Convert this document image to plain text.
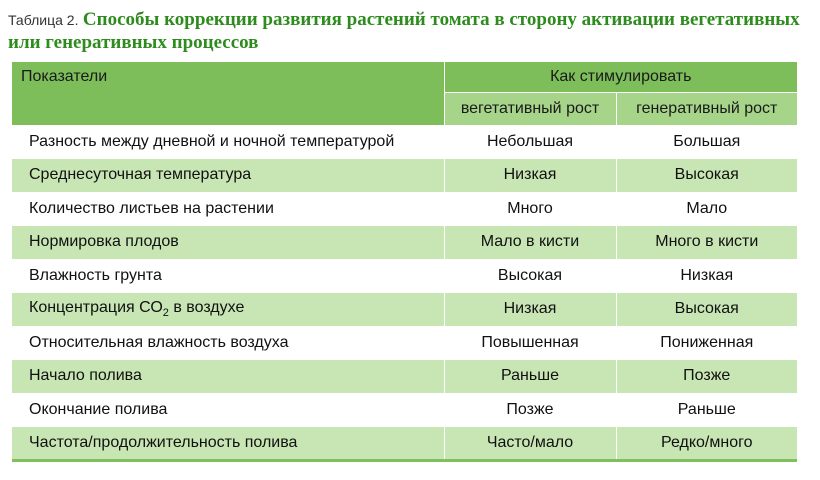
Таблица 2. Способы коррекции развития растений томата в сторону активации вегетативных или генеративных процессов
Показатели	Как стимулировать	
	вегетативный рост	генеративный рост
Разность между дневной и ночной температурой	Небольшая	Большая
Среднесуточная температура	Низкая	Высокая
Количество листьев на растении	Много	Мало
Нормировка плодов	Мало в кисти	Много в кисти
Влажность грунта	Высокая	Низкая
Концентрация $СО_2$ в воздухе	Низкая	Высокая
Относительная влажность воздуха	Повышенная	Пониженная
Начало полива	Раньше	Позже
Окончание полива	Позже	Раньше
Частота/продолжительность полива	Часто/мало	Редко/много
